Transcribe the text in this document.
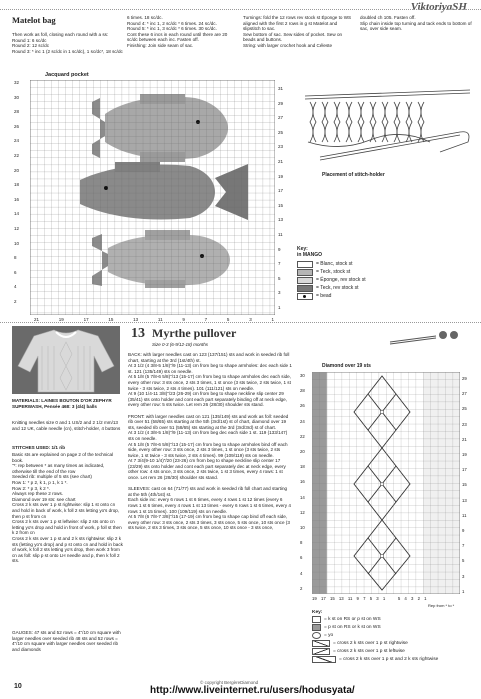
ViktoriyaSH
Matelot bag
Then work as foll, closing each round with a ss:
Round 1: 6 sc/dc
Round 2: 12 sc/dc
Round 3: * inc 1 (2 sc/dc in 1 sc/dc), 1 sc/dc*, 18 sc/dc
6 times. 18 sc/dc.
Round 4: * inc 1, 2 sc/dc * 6 times. 24 sc/dc.
Round 5: * inc 1, 3 sc/dc * 6 times. 30 sc/dc.
Cont these 6 incs in each round until there are 20 sc/dc between each inc. Fasten off.
Finishing: Join side seam of sac.
Turnings: fold the 12 rows rev stock st Éponge to WS aligned with the first 2 rows in g st Matelot and slipstitch to sac.
Sew bottom of sac. Sew sides of pocket. Sew on beads and buttons.
String: with larger crochet hook and Céleste
doubled ch 105. Fasten off.
Slip chain inside top turning and tack ends to bottom of sac, over side seam.
Jacquard pocket
32
30
28
26
24
22
20
18
16
14
12
10
8
6
4
2
31
29
27
25
23
21
19
17
15
13
11
9
7
5
3
1
21	19	17	15	13	11	9	7	5	3	1
Placement of stitch-holder
Key:
in MANGO
= Blanc, stock st
= Teck, stock st
= Éponge, rev stock st
= Teck, rev stock st
= bead
13 Myrthe pullover
Size 0-3 (6-9/12-18) months
MATERIALS: LAINES BOUTON D'OR ZEPHYR SUPERWASH, Pensée 468: 3 (4/4) balls
Knitting needles size 0 and 1 US/2 and 2 1/2 mm/13 and 12 UK, cable needle (cn), stitch-holder, 4 buttons
STITCHES USED: 1/1 rib
Basic sts are explained on page 2 of the technical book.
"*: rep between * as many times as indicated, otherwise till the end of the row
Seeded rib: multiple of 5 sts (see chart)
Row 1: * p 2, k 1, p 1, k 1 *.
Row 2: * p 3, k 2 *.
Always rep these 2 rows.
Diamond over 19 sts: see chart
Cross 2 k sts over 1 p st rightwise: slip 1 st onto cn and hold in back of work, k foll 2 sts letting yo's drop, then p st from cn
Cross 2 k sts over 1 p st leftwise: slip 2 sts onto cn letting yo's drop and hold in front of work, p foll st then k 2 from cn
Cross 2 k sts over 1 p st and 2 k sts rightwise: slip 2 k sts (letting yo's drop) and p st onto cn and hold in back of work, k foll 2 sts letting yo's drop, then work 3 from cn as foll: slip p st onto LH needle and p, then k foll 2 sts.
GAUGES: 47 sts and 52 rows = 4"/10 cm square with larger needles over seeded rib 48 sts and 52 rows = 4"/10 cm square with larger needles over seeded rib and diamonds
BACK: with larger needles cast on 123 (137/151) sts and work in seeded rib foll chart, starting at the 3rd (1st/4th) st.
At 3 1/2 (4 3/8-5 1/8)"/9 (11-13) cm from beg to shape armholes: dec each side 1 st. 121 (135/149) sts on needle.
At 5 1/8 (5 7/8-6 5/8)"/13 (15-17) cm from beg to shape armholes dec each side, every other row: 3 sts once, 2 sts 3 times, 1 st once (3 sts twice, 2 sts twice, 1 st twice - 3 sts twice, 2 sts 4 times). 101 (111/121) sts on needle.
At 9 (10 1/4-11 3/8)"/23 (26-29) cm from beg to shape neckline slip center 29 (35/41) sts onto holder and cont each part separately binding off at neck edge, every other row: 5 sts twice. Let rem 26 (28/30) shoulder sts stand.

FRONT: with larger needles cast on 121 (135/149) sts and work as foll: seeded rib over 51 (58/65) sts starting at the 5th (3rd/1st) st of chart, diamond over 19 sts, seeded rib over 51 (58/65) sts starting at the 3rd (3rd/3rd) st of chart.
At 3 1/2 (4 3/8-5 1/8)"/9 (11-13) cm from beg dec each side 1 st. 119 (133/147) sts on needle.
At 5 1/8 (5 7/8-6 5/8)"/13 (15-17) cm from beg to shape armholes bind off each side, every other row: 3 sts once, 2 sts 3 times, 1 st once (3 sts twice, 2 sts twice, 1 st twice - 3 sts twice, 2 sts 4 times). 99 (109/119) sts on needle.
At 7 3/4(9-10 1/4)"/20 (23-26) cm from beg to shape neckline slip center 17 (23/29) sts onto holder and cont each part separately dec at neck edge, every other row: 4 sts once, 3 sts once, 2 sts twice, 1 st 3 times, every 4 rows: 1 st once. Let rem 26 (28/30) shoulder sts stand.

SLEEVES: cast on 64 (71/77) sts and work in seeded rib foll chart and starting at the 5th (4th/1st) st.
Each side inc: every 6 rows 1 st 6 times, every 4 rows 1 st 12 times (every 6 rows 1 st 6 times, every 4 rows 1 st 13 times - every 6 rows 1 st 6 times, every 4 rows 1 st 15 times). 100 (109/119) sts on needle.
At 5 7/8 (6 7/8-7 3/8)"/15 (17-19) cm from beg to shape cap bind off each side, every other row: 3 sts once, 2 sts 3 times, 3 sts once, 5 sts once, 10 sts once (3 sts twice, 2 sts 3 times, 3 sts once, 5 sts once, 10 sts once - 3 sts once,
Diamond over 19 sts
30
28
26
24
22
20
18
16
14
12
10
8
6
4
2
29
27
25
23
21
19
17
15
13
11
9
7
5
3
1
19 17 15 13 11 9 7 5 3 1   5 4 3 2 1
Rep from * to *
Key:
= k st on RS or p st on WS
= p st on RS or k st on WS
= yo
= cross 2 k sts over 1 p st rightwise
= cross 2 k sts over 1 p st leftwise
= cross 2 k sts over 1 p st and 2 k sts rightwise
10
© copyright BergèreDiamond
http://www.liveinternet.ru/users/hodusyata/
